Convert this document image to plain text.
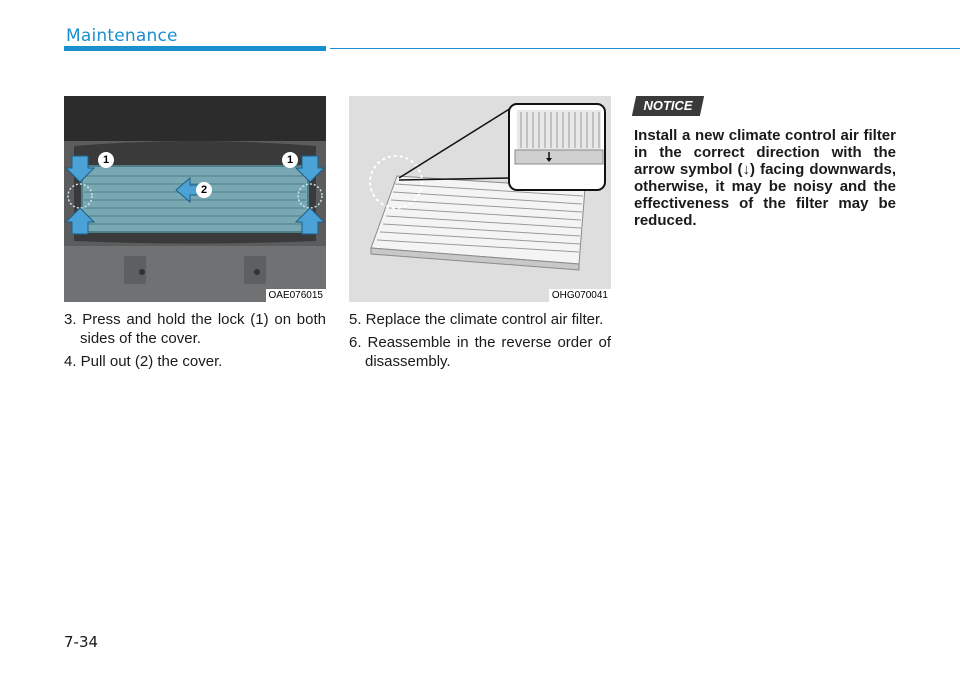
Maintenance
1	1
2
OAE076015	OHG070041

3. Press and hold the lock (1) on both sides of the cover.

4. Pull out (2) the cover.

5. Replace the climate control air filter.

6. Reassemble in the reverse order of disassembly.

NOTICE

Install a new climate control air filter in the correct direction with the arrow symbol (↓) facing downwards, otherwise, it may be noisy and the effectiveness of the filter may be reduced.

7-34
